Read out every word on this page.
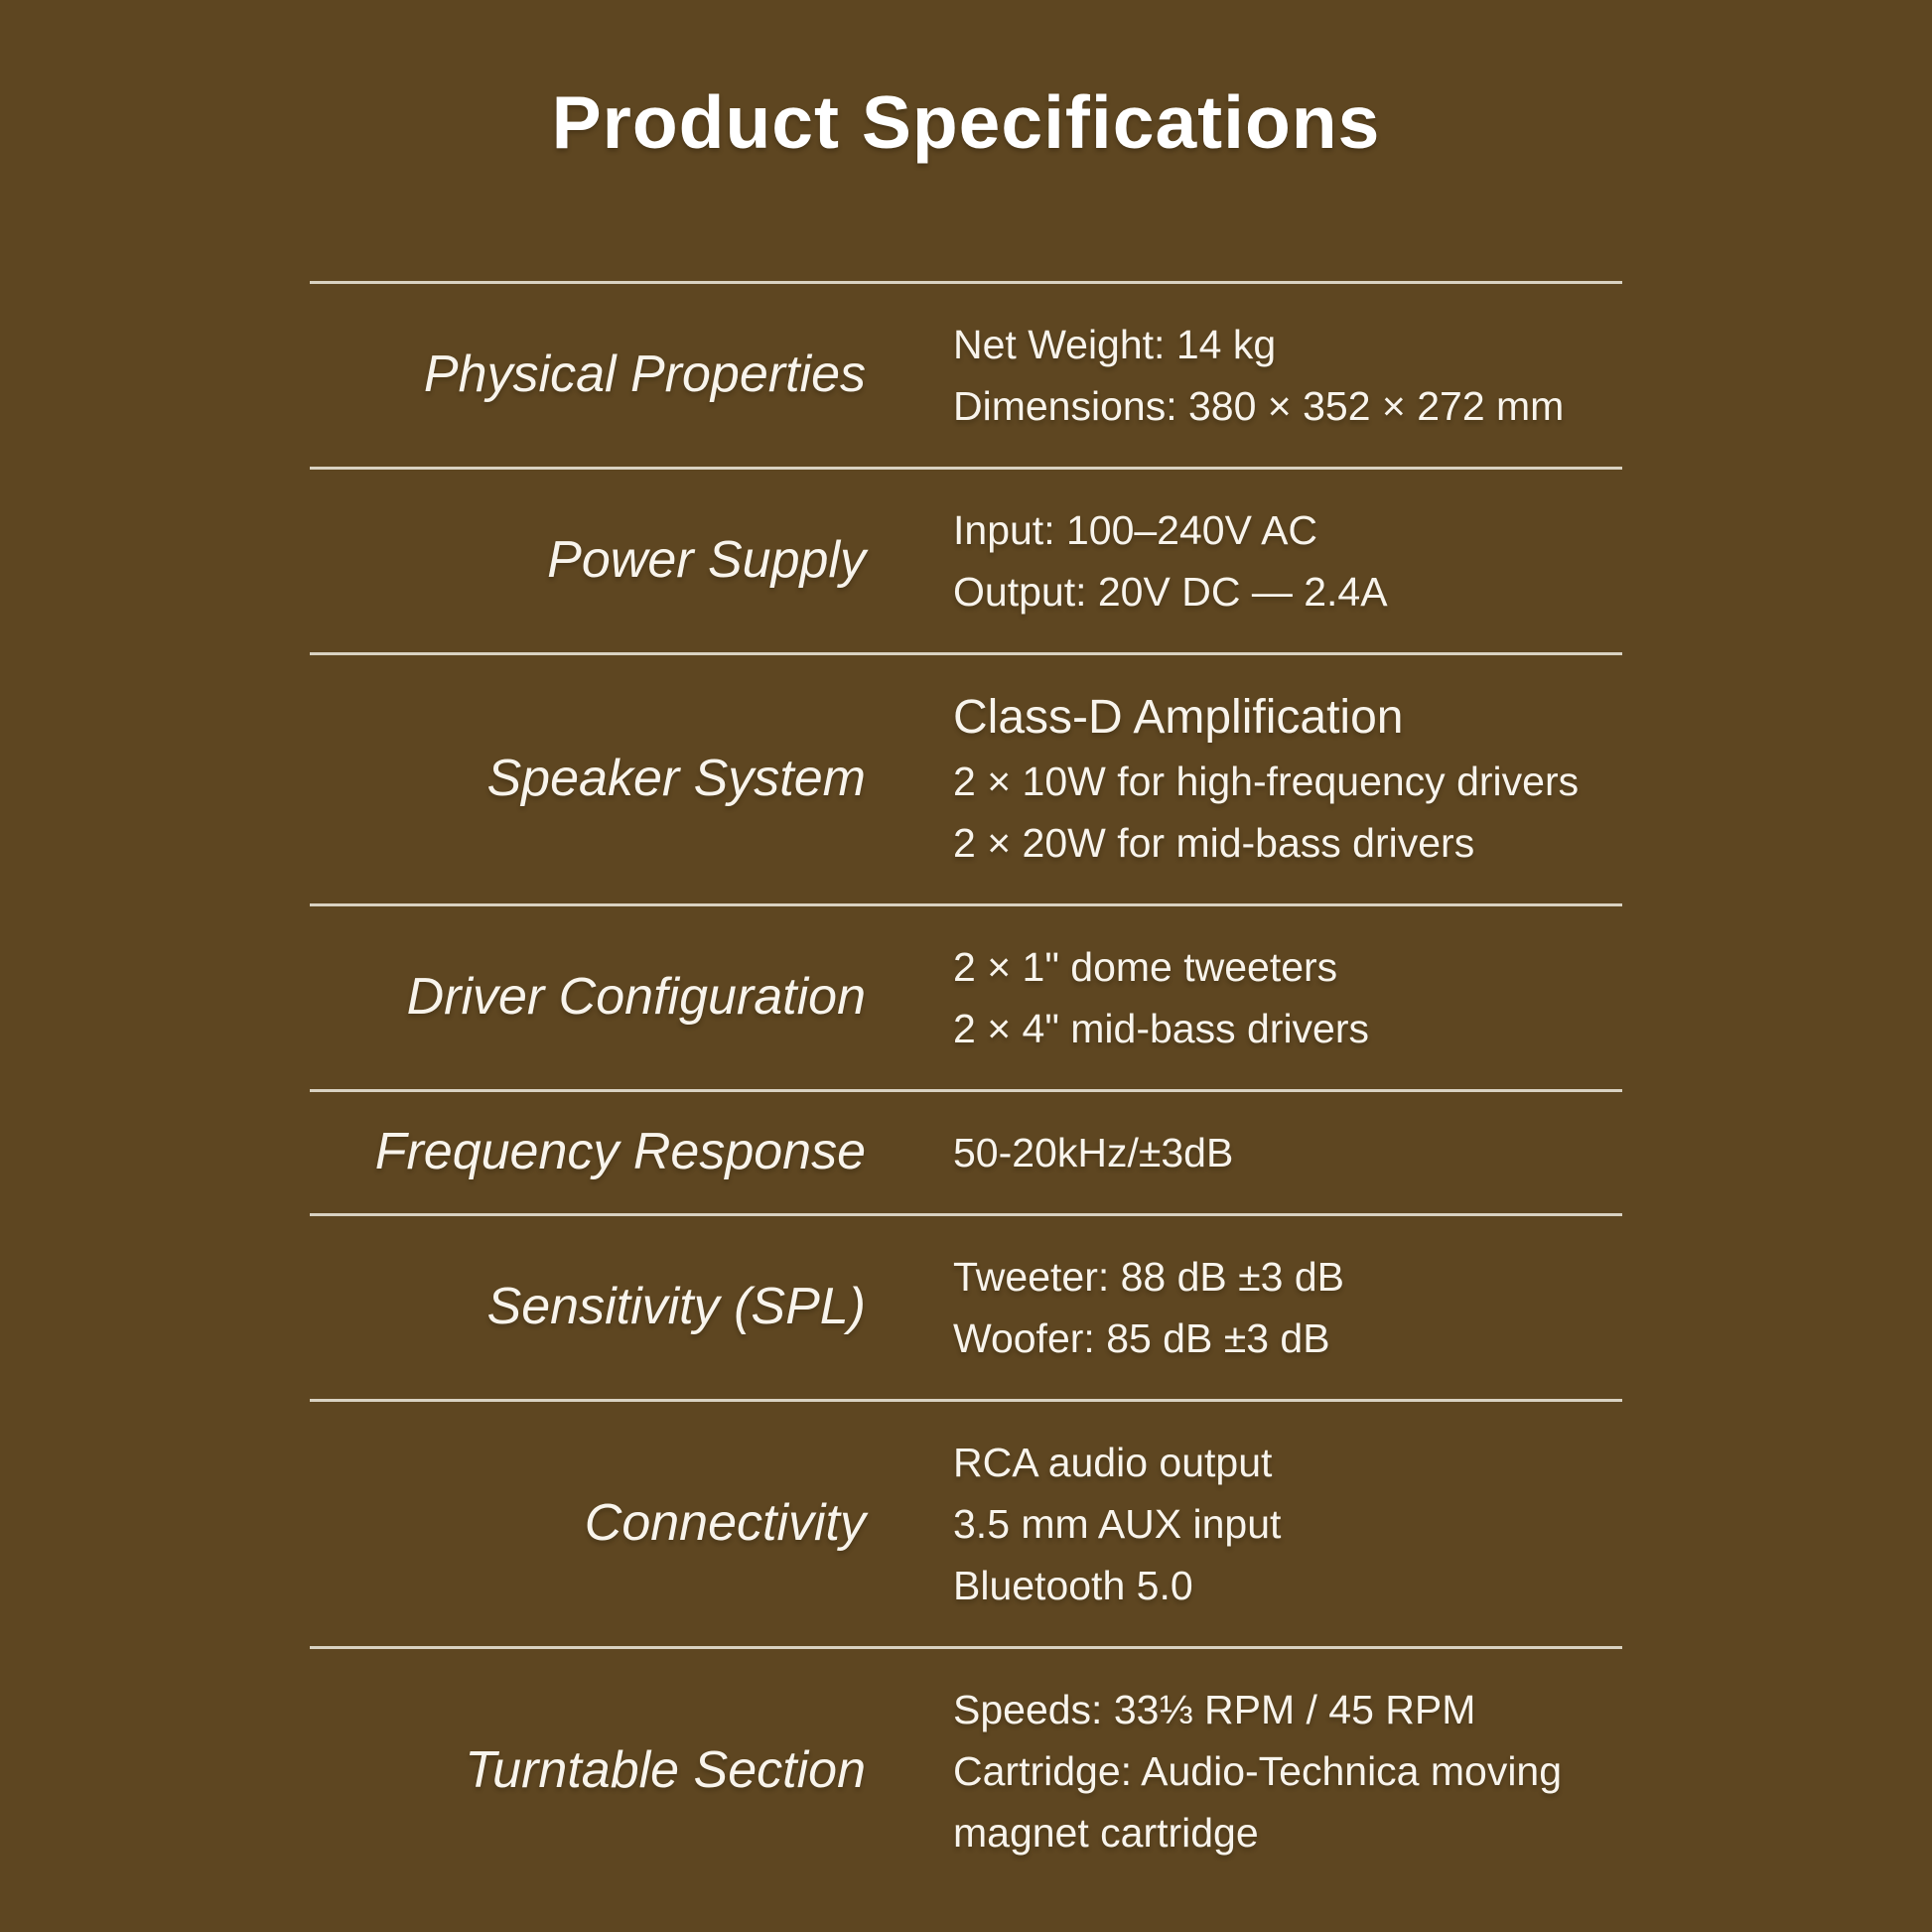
Product Specifications
Physical Properties
Net Weight: 14 kg
Dimensions: 380 × 352 × 272 mm
Power Supply
Input: 100–240V AC
Output: 20V DC — 2.4A
Speaker System
Class-D Amplification
2 × 10W for high-frequency drivers
2 × 20W for mid-bass drivers
Driver Configuration
2 × 1" dome tweeters
2 × 4" mid-bass drivers
Frequency Response 50-20kHz/±3dB
Sensitivity (SPL)
Tweeter: 88 dB ±3 dB
Woofer: 85 dB ±3 dB
Connectivity
RCA audio output
3.5 mm AUX input
Bluetooth 5.0
Turntable Section
Speeds: 33⅓ RPM / 45 RPM
Cartridge: Audio-Technica moving magnet cartridge
